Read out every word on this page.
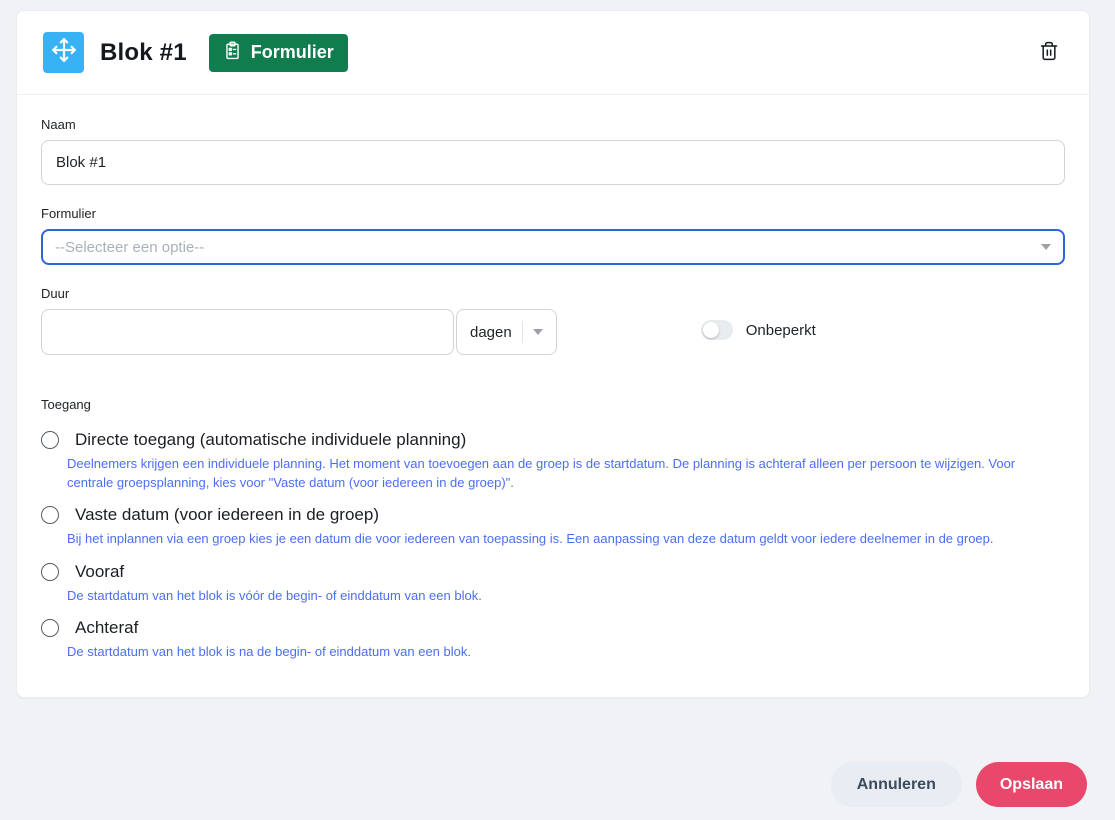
Blok #1	Formulier
Naam
Blok #1
Formulier
--Selecteer een optie--
Duur
dagen	Onbeperkt
Toegang
Directe toegang (automatische individuele planning)
Deelnemers krijgen een individuele planning. Het moment van toevoegen aan de groep is de startdatum. De planning is achteraf alleen per persoon te wijzigen. Voor centrale groepsplanning, kies voor "Vaste datum (voor iedereen in de groep)".
Vaste datum (voor iedereen in de groep)
Bij het inplannen via een groep kies je een datum die voor iedereen van toepassing is. Een aanpassing van deze datum geldt voor iedere deelnemer in de groep.
Vooraf
De startdatum van het blok is vóór de begin- of einddatum van een blok.
Achteraf
De startdatum van het blok is na de begin- of einddatum van een blok.
Annuleren	Opslaan
